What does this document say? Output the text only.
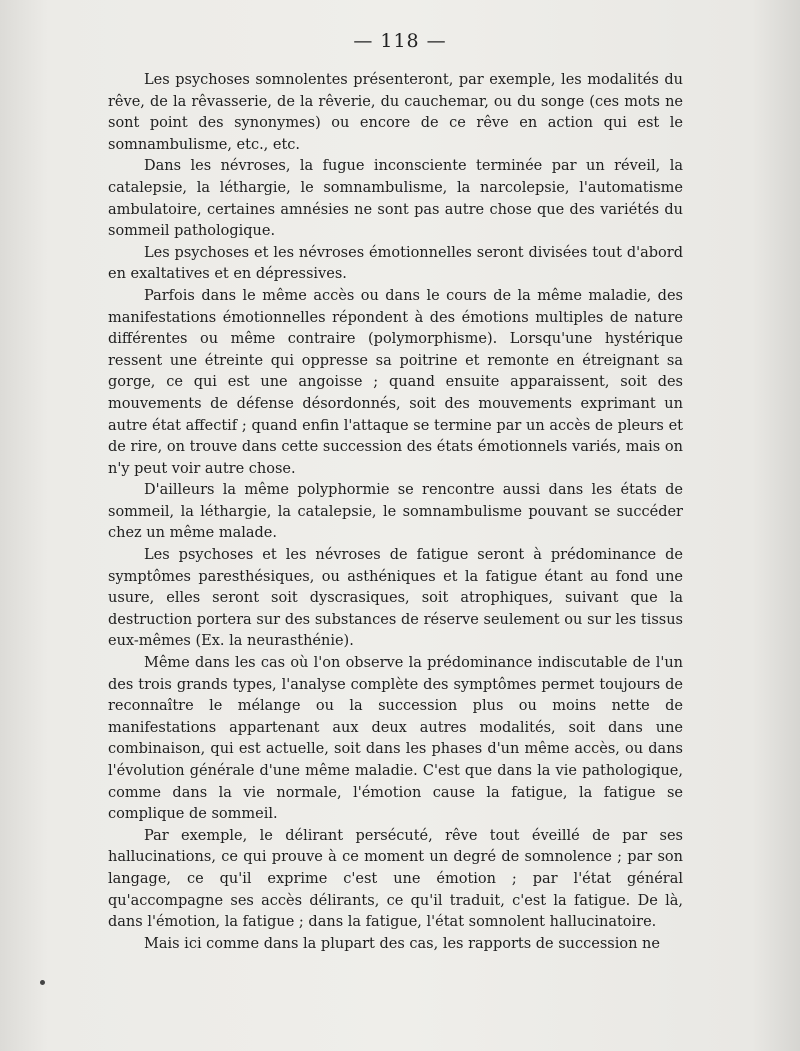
— 118 —

Les psychoses somnolentes présenteront, par exemple, les modalités du rêve, de la rêvasserie, de la rêverie, du cauchemar, ou du songe (ces mots ne sont point des synonymes) ou encore de ce rêve en action qui est le somnambulisme, etc., etc.

Dans les névroses, la fugue inconsciente terminée par un réveil, la catalepsie, la léthargie, le somnambulisme, la narcolepsie, l'automatisme ambulatoire, certaines amnésies ne sont pas autre chose que des variétés du sommeil pathologique.

Les psychoses et les névroses émotionnelles seront divisées tout d'abord en exaltatives et en dépressives.

Parfois dans le même accès ou dans le cours de la même maladie, des manifestations émotionnelles répondent à des émotions multiples de nature différentes ou même contraire (polymorphisme). Lorsqu'une hystérique ressent une étreinte qui oppresse sa poitrine et remonte en étreignant sa gorge, ce qui est une angoisse ; quand ensuite apparaissent, soit des mouvements de défense désordonnés, soit des mouvements exprimant un autre état affectif ; quand enfin l'attaque se termine par un accès de pleurs et de rire, on trouve dans cette succession des états émotionnels variés, mais on n'y peut voir autre chose.

D'ailleurs la même polyphormie se rencontre aussi dans les états de sommeil, la léthargie, la catalepsie, le somnambulisme pouvant se succéder chez un même malade.

Les psychoses et les névroses de fatigue seront à prédominance de symptômes paresthésiques, ou asthéniques et la fatigue étant au fond une usure, elles seront soit dyscrasiques, soit atrophiques, suivant que la destruction portera sur des substances de réserve seulement ou sur les tissus eux-mêmes (Ex. la neurasthénie).

Même dans les cas où l'on observe la prédominance indiscutable de l'un des trois grands types, l'analyse complète des symptômes permet toujours de reconnaître le mélange ou la succession plus ou moins nette de manifestations appartenant aux deux autres modalités, soit dans une combinaison, qui est actuelle, soit dans les phases d'un même accès, ou dans l'évolution générale d'une même maladie. C'est que dans la vie pathologique, comme dans la vie normale, l'émotion cause la fatigue, la fatigue se complique de sommeil.

Par exemple, le délirant persécuté, rêve tout éveillé de par ses hallucinations, ce qui prouve à ce moment un degré de somnolence ; par son langage, ce qu'il exprime c'est une émotion ; par l'état général qu'accompagne ses accès délirants, ce qu'il traduit, c'est la fatigue. De là, dans l'émotion, la fatigue ; dans la fatigue, l'état somnolent hallucinatoire.

Mais ici comme dans la plupart des cas, les rapports de succession ne
